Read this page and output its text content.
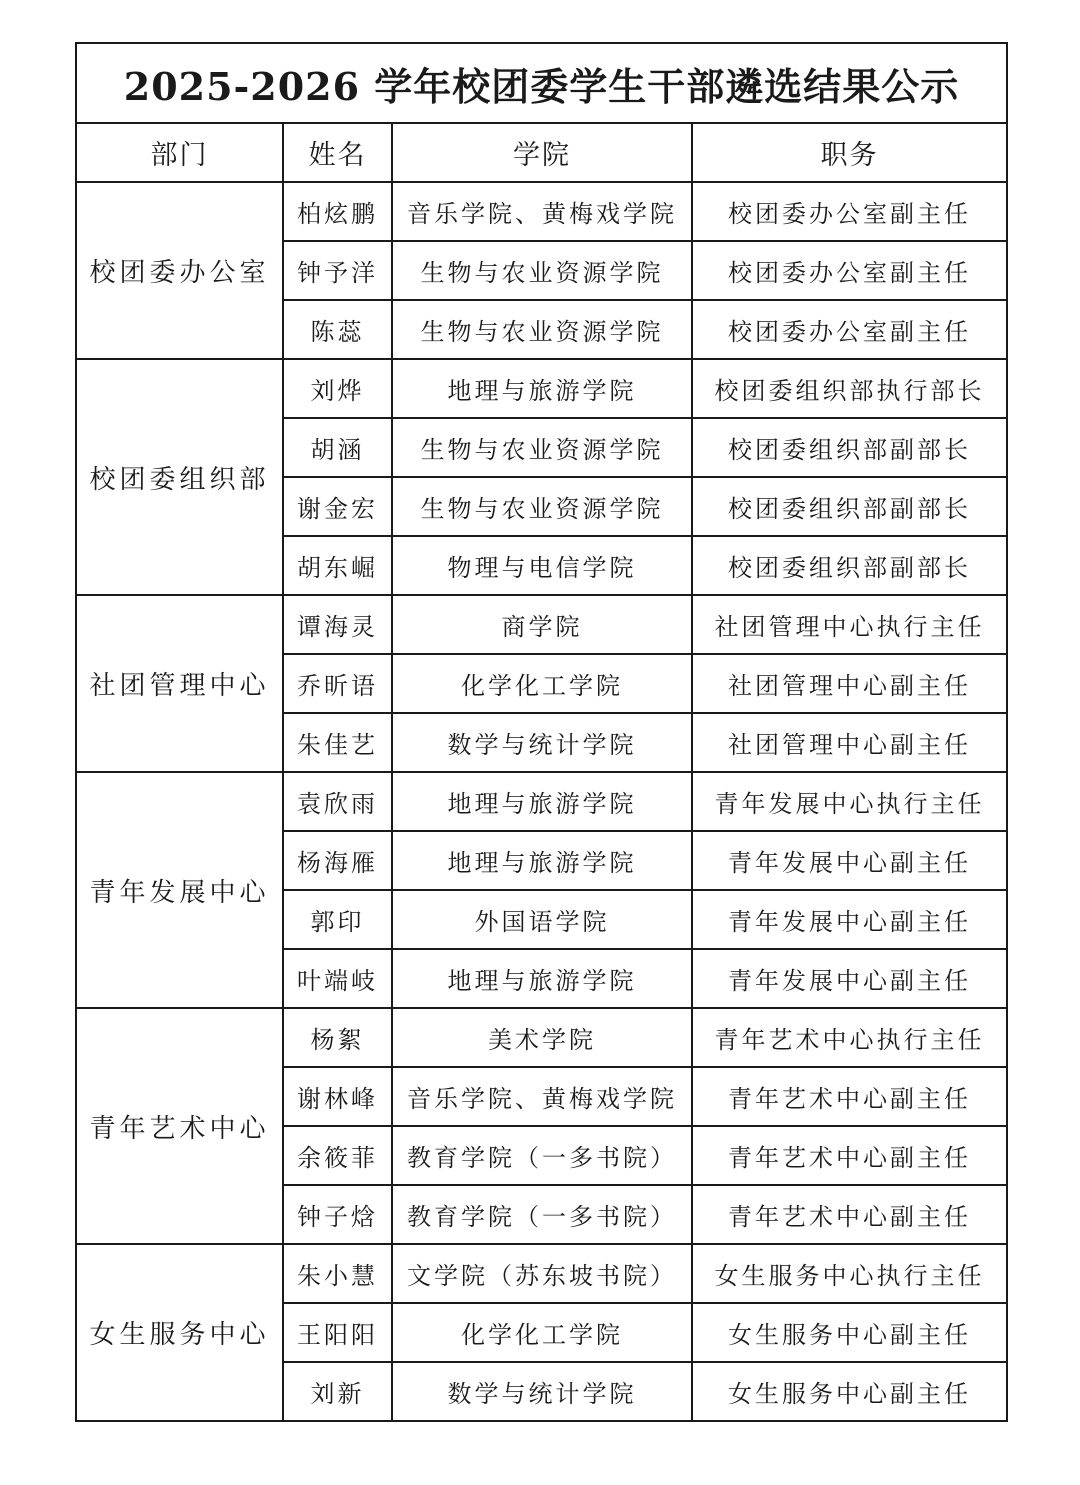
2025-2026 学年校团委学生干部遴选结果公示			
部门	姓名	学院	职务
校团委办公室	柏炫鹏	音乐学院、黄梅戏学院	校团委办公室副主任
	钟予洋	生物与农业资源学院	校团委办公室副主任
	陈蕊	生物与农业资源学院	校团委办公室副主任
校团委组织部	刘烨	地理与旅游学院	校团委组织部执行部长
	胡涵	生物与农业资源学院	校团委组织部副部长
	谢金宏	生物与农业资源学院	校团委组织部副部长
	胡东崛	物理与电信学院	校团委组织部副部长
社团管理中心	谭海灵	商学院	社团管理中心执行主任
	乔昕语	化学化工学院	社团管理中心副主任
	朱佳艺	数学与统计学院	社团管理中心副主任
青年发展中心	袁欣雨	地理与旅游学院	青年发展中心执行主任
	杨海雁	地理与旅游学院	青年发展中心副主任
	郭印	外国语学院	青年发展中心副主任
	叶端岐	地理与旅游学院	青年发展中心副主任
青年艺术中心	杨絮	美术学院	青年艺术中心执行主任
	谢林峰	音乐学院、黄梅戏学院	青年艺术中心副主任
	余筱菲	教育学院（一多书院）	青年艺术中心副主任
	钟子焓	教育学院（一多书院）	青年艺术中心副主任
女生服务中心	朱小慧	文学院（苏东坡书院）	女生服务中心执行主任
	王阳阳	化学化工学院	女生服务中心副主任
	刘新	数学与统计学院	女生服务中心副主任
